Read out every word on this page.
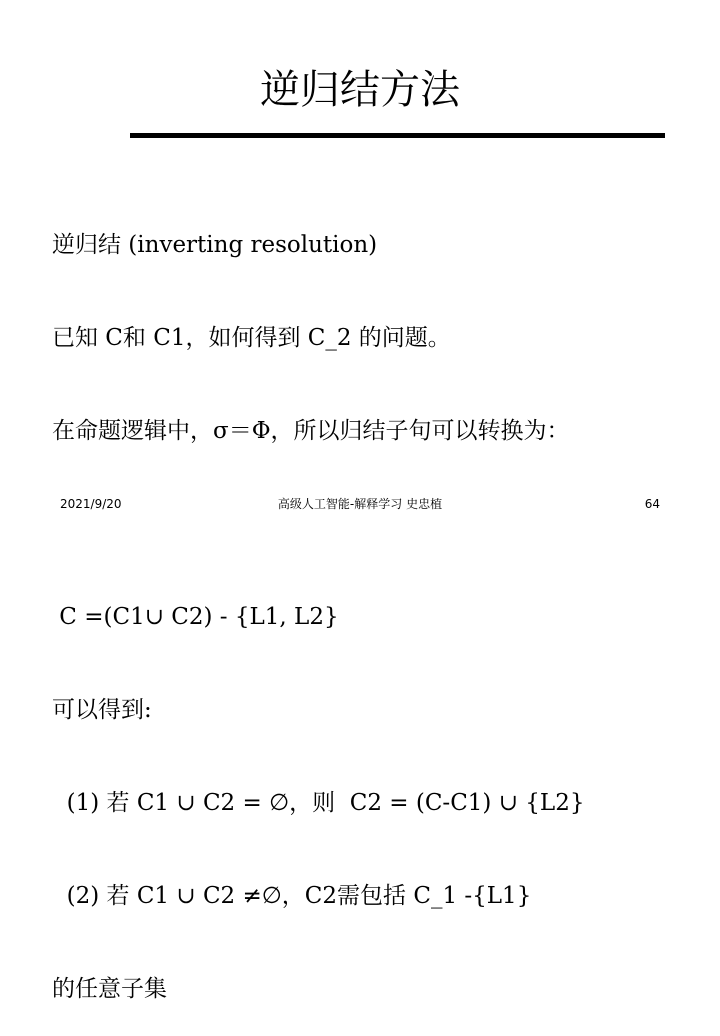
逆归结方法

逆归结 (inverting resolution)

已知 C和 C1，如何得到 C_2 的问题。

在命题逻辑中，σ＝Φ，所以归结子句可以转换为：

C =(C1∪ C2) - {L1, L2}

可以得到:

(1) 若 C1 ∪ C2 = ∅，则  C2 = (C-C1) ∪ {L2}

(2) 若 C1 ∪ C2 ≠∅，C2需包括 C_1 -{L1}

的任意子集

2021/9/20	高级人工智能-解释学习 史忠植	64
